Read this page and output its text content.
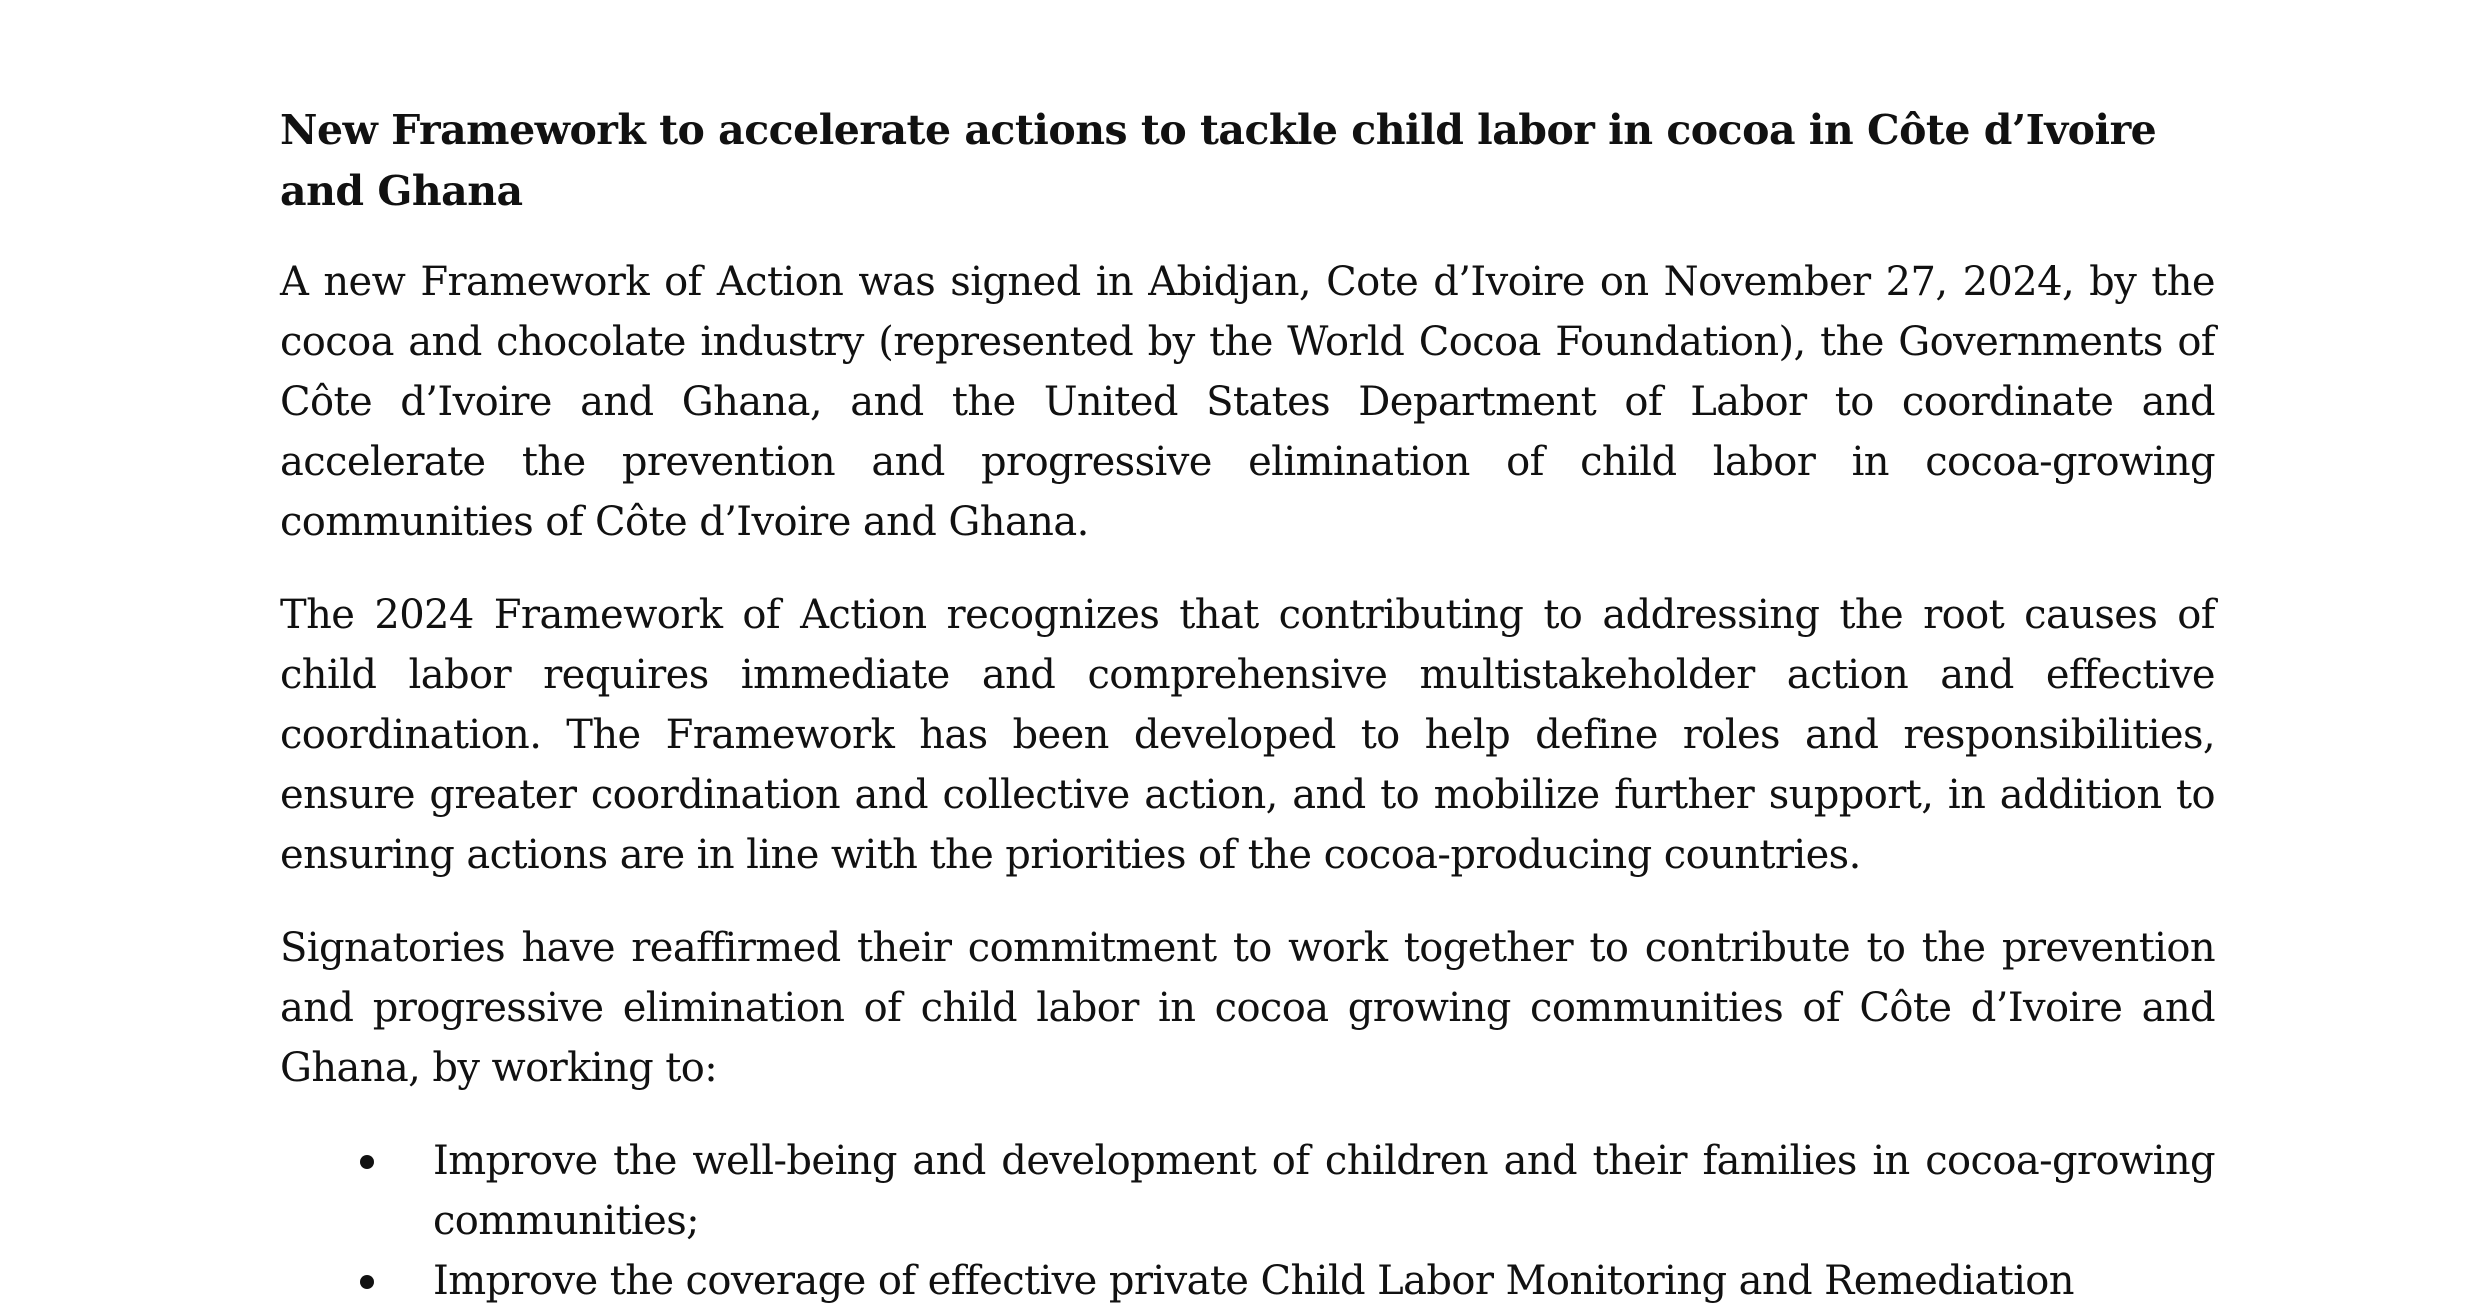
New Framework to accelerate actions to tackle child labor in cocoa in Côte d’Ivoire and Ghana

A new Framework of Action was signed in Abidjan, Cote d’Ivoire on November 27, 2024, by the cocoa and chocolate industry (represented by the World Cocoa Foundation), the Governments of Côte d’Ivoire and Ghana, and the United States Department of Labor to coordinate and accelerate the prevention and progressive elimination of child labor in cocoa-growing communities of Côte d’Ivoire and Ghana.

The 2024 Framework of Action recognizes that contributing to addressing the root causes of child labor requires immediate and comprehensive multistakeholder action and effective coordination. The Framework has been developed to help define roles and responsibilities, ensure greater coordination and collective action, and to mobilize further support, in addition to ensuring actions are in line with the priorities of the cocoa-producing countries.

Signatories have reaffirmed their commitment to work together to contribute to the prevention and progressive elimination of child labor in cocoa growing communities of Côte d’Ivoire and Ghana, by working to:

Improve the well-being and development of children and their families in cocoa-growing communities;
Improve the coverage of effective private Child Labor Monitoring and Remediation
